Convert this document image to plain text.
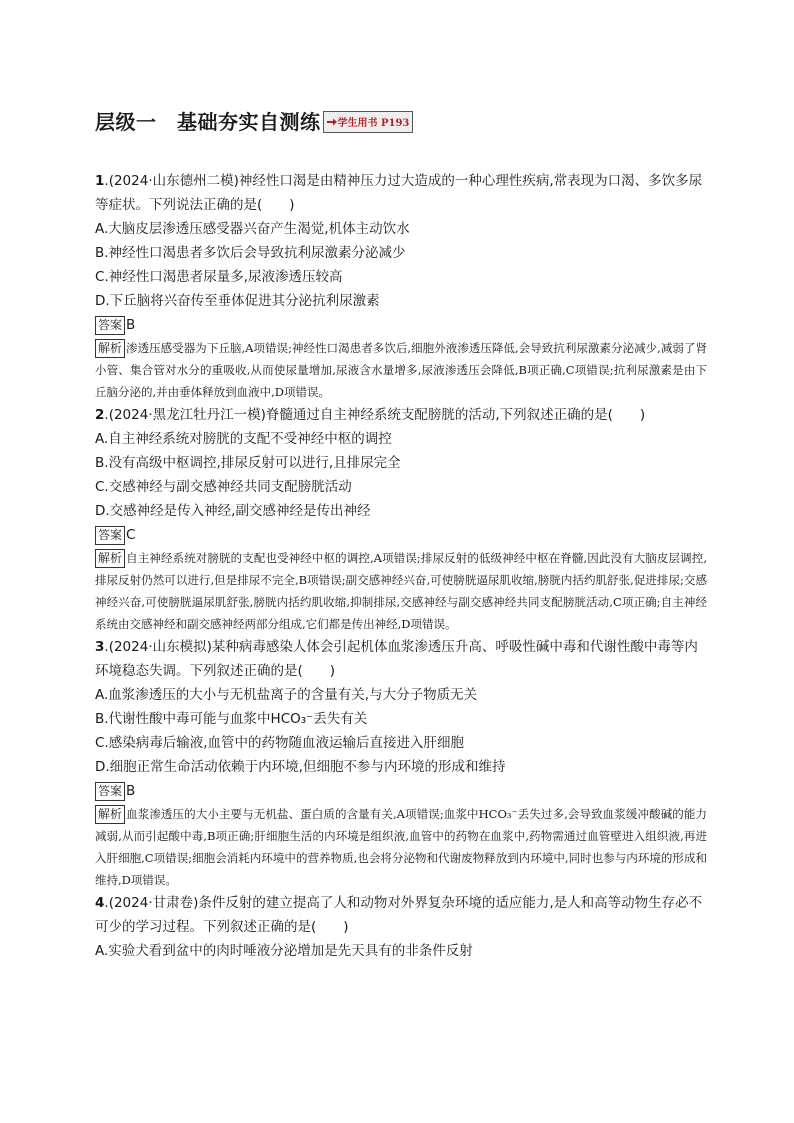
层级一　基础夯实自测练 学生用书 P193

1.(2024·山东德州二模)神经性口渴是由精神压力过大造成的一种心理性疾病,常表现为口渴、多饮多尿等症状。下列说法正确的是(　　)

A.大脑皮层渗透压感受器兴奋产生渴觉,机体主动饮水

B.神经性口渴患者多饮后会导致抗利尿激素分泌减少

C.神经性口渴患者尿量多,尿液渗透压较高

D.下丘脑将兴奋传至垂体促进其分泌抗利尿激素

答案 B

解析 渗透压感受器为下丘脑,A项错误;神经性口渴患者多饮后,细胞外液渗透压降低,会导致抗利尿激素分泌减少,减弱了肾小管、集合管对水分的重吸收,从而使尿量增加,尿液含水量增多,尿液渗透压会降低,B项正确,C项错误;抗利尿激素是由下丘脑分泌的,并由垂体释放到血液中,D项错误。

2.(2024·黑龙江牡丹江一模)脊髓通过自主神经系统支配膀胱的活动,下列叙述正确的是(　　)

A.自主神经系统对膀胱的支配不受神经中枢的调控

B.没有高级中枢调控,排尿反射可以进行,且排尿完全

C.交感神经与副交感神经共同支配膀胱活动

D.交感神经是传入神经,副交感神经是传出神经

答案 C

解析 自主神经系统对膀胱的支配也受神经中枢的调控,A项错误;排尿反射的低级神经中枢在脊髓,因此没有大脑皮层调控,排尿反射仍然可以进行,但是排尿不完全,B项错误;副交感神经兴奋,可使膀胱逼尿肌收缩,膀胱内括约肌舒张,促进排尿;交感神经兴奋,可使膀胱逼尿肌舒张,膀胱内括约肌收缩,抑制排尿,交感神经与副交感神经共同支配膀胱活动,C项正确;自主神经系统由交感神经和副交感神经两部分组成,它们都是传出神经,D项错误。

3.(2024·山东模拟)某种病毒感染人体会引起机体血浆渗透压升高、呼吸性碱中毒和代谢性酸中毒等内环境稳态失调。下列叙述正确的是(　　)

A.血浆渗透压的大小与无机盐离子的含量有关,与大分子物质无关

B.代谢性酸中毒可能与血浆中HCO₃⁻丢失有关

C.感染病毒后输液,血管中的药物随血液运输后直接进入肝细胞

D.细胞正常生命活动依赖于内环境,但细胞不参与内环境的形成和维持

答案 B

解析 血浆渗透压的大小主要与无机盐、蛋白质的含量有关,A项错误;血浆中HCO₃⁻丢失过多,会导致血浆缓冲酸碱的能力减弱,从而引起酸中毒,B项正确;肝细胞生活的内环境是组织液,血管中的药物在血浆中,药物需通过血管壁进入组织液,再进入肝细胞,C项错误;细胞会消耗内环境中的营养物质,也会将分泌物和代谢废物释放到内环境中,同时也参与内环境的形成和维持,D项错误。

4.(2024·甘肃卷)条件反射的建立提高了人和动物对外界复杂环境的适应能力,是人和高等动物生存必不可少的学习过程。下列叙述正确的是(　　)

A.实验犬看到盆中的肉时唾液分泌增加是先天具有的非条件反射
